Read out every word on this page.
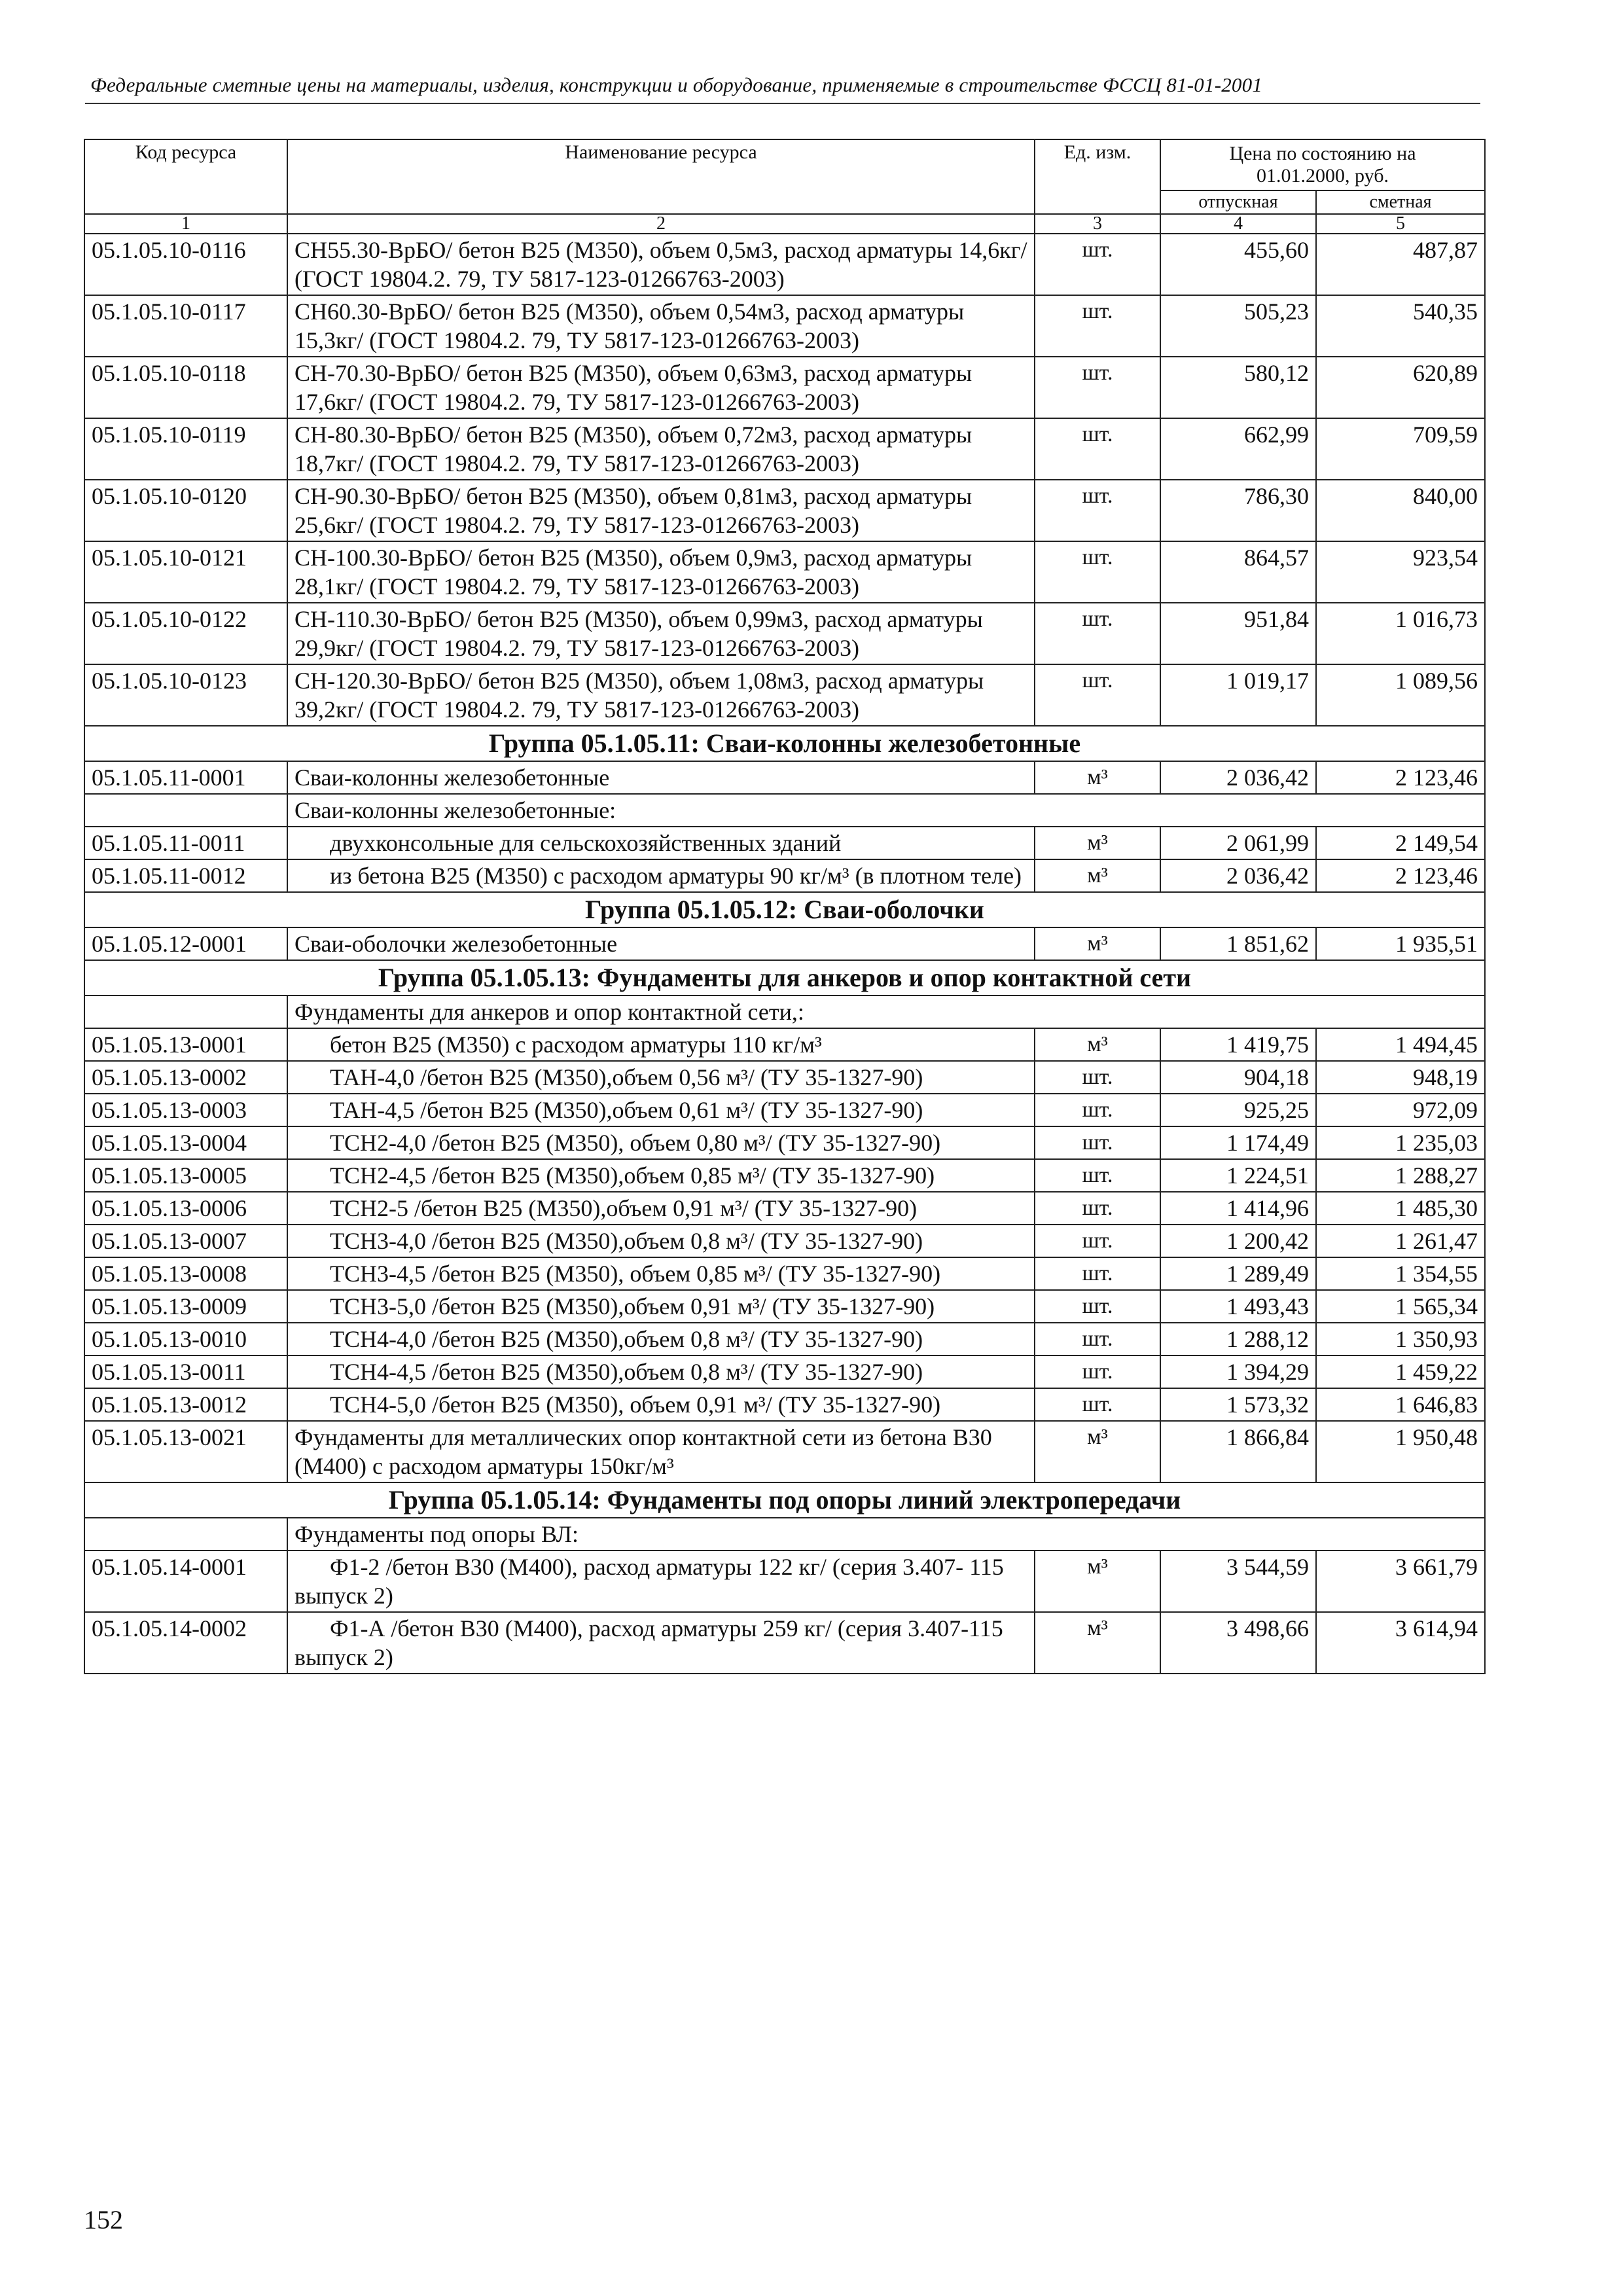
Федеральные сметные цены на материалы, изделия, конструкции и оборудование, применяемые в строительстве ФССЦ 81-01-2001
Код ресурса	Наименование ресурса	Ед. изм.	Цена по состоянию на 01.01.2000, руб.	
			отпускная	сметная
1	2	3	4	5
05.1.05.10-0116	СН55.30-ВрБО/ бетон В25 (М350), объем 0,5м3, расход арматуры 14,6кг/ (ГОСТ 19804.2. 79, ТУ 5817-123-01266763-2003)	шт.	455,60	487,87
05.1.05.10-0117	СН60.30-ВрБО/ бетон В25 (М350), объем 0,54м3, расход арматуры 15,3кг/ (ГОСТ 19804.2. 79, ТУ 5817-123-01266763-2003)	шт.	505,23	540,35
05.1.05.10-0118	СН-70.30-ВрБО/ бетон В25 (М350), объем 0,63м3, расход арматуры 17,6кг/ (ГОСТ 19804.2. 79, ТУ 5817-123-01266763-2003)	шт.	580,12	620,89
05.1.05.10-0119	СН-80.30-ВрБО/ бетон В25 (М350), объем 0,72м3, расход арматуры 18,7кг/ (ГОСТ 19804.2. 79, ТУ 5817-123-01266763-2003)	шт.	662,99	709,59
05.1.05.10-0120	СН-90.30-ВрБО/ бетон В25 (М350), объем 0,81м3, расход арматуры 25,6кг/ (ГОСТ 19804.2. 79, ТУ 5817-123-01266763-2003)	шт.	786,30	840,00
05.1.05.10-0121	СН-100.30-ВрБО/ бетон В25 (М350), объем 0,9м3, расход арматуры 28,1кг/ (ГОСТ 19804.2. 79, ТУ 5817-123-01266763-2003)	шт.	864,57	923,54
05.1.05.10-0122	СН-110.30-ВрБО/ бетон В25 (М350), объем 0,99м3, расход арматуры 29,9кг/ (ГОСТ 19804.2. 79, ТУ 5817-123-01266763-2003)	шт.	951,84	1 016,73
05.1.05.10-0123	СН-120.30-ВрБО/ бетон В25 (М350), объем 1,08м3, расход арматуры 39,2кг/ (ГОСТ 19804.2. 79, ТУ 5817-123-01266763-2003)	шт.	1 019,17	1 089,56
Группа 05.1.05.11: Сваи-колонны железобетонные				
05.1.05.11-0001	Сваи-колонны железобетонные	м³	2 036,42	2 123,46
	Сваи-колонны железобетонные:			
05.1.05.11-0011	двухконсольные для сельскохозяйственных зданий	м³	2 061,99	2 149,54
05.1.05.11-0012	из бетона В25 (М350) с расходом арматуры 90 кг/м³ (в плотном теле)	м³	2 036,42	2 123,46
Группа 05.1.05.12: Сваи-оболочки				
05.1.05.12-0001	Сваи-оболочки железобетонные	м³	1 851,62	1 935,51
Группа 05.1.05.13: Фундаменты для анкеров и опор контактной сети				
	Фундаменты для анкеров и опор контактной сети,:			
05.1.05.13-0001	бетон В25 (М350) с расходом арматуры 110 кг/м³	м³	1 419,75	1 494,45
05.1.05.13-0002	ТАН-4,0 /бетон В25 (М350),объем 0,56 м³/ (ТУ 35-1327-90)	шт.	904,18	948,19
05.1.05.13-0003	ТАН-4,5 /бетон В25 (М350),объем 0,61 м³/ (ТУ 35-1327-90)	шт.	925,25	972,09
05.1.05.13-0004	ТСН2-4,0 /бетон В25 (М350), объем 0,80 м³/ (ТУ 35-1327-90)	шт.	1 174,49	1 235,03
05.1.05.13-0005	ТСН2-4,5 /бетон В25 (М350),объем 0,85 м³/ (ТУ 35-1327-90)	шт.	1 224,51	1 288,27
05.1.05.13-0006	ТСН2-5 /бетон В25 (М350),объем 0,91 м³/ (ТУ 35-1327-90)	шт.	1 414,96	1 485,30
05.1.05.13-0007	ТСН3-4,0 /бетон В25 (М350),объем 0,8 м³/ (ТУ 35-1327-90)	шт.	1 200,42	1 261,47
05.1.05.13-0008	ТСН3-4,5 /бетон В25 (М350), объем 0,85 м³/ (ТУ 35-1327-90)	шт.	1 289,49	1 354,55
05.1.05.13-0009	ТСН3-5,0 /бетон В25 (М350),объем 0,91 м³/ (ТУ 35-1327-90)	шт.	1 493,43	1 565,34
05.1.05.13-0010	ТСН4-4,0 /бетон В25 (М350),объем 0,8 м³/ (ТУ 35-1327-90)	шт.	1 288,12	1 350,93
05.1.05.13-0011	ТСН4-4,5 /бетон В25 (М350),объем 0,8 м³/ (ТУ 35-1327-90)	шт.	1 394,29	1 459,22
05.1.05.13-0012	ТСН4-5,0 /бетон В25 (М350), объем 0,91 м³/ (ТУ 35-1327-90)	шт.	1 573,32	1 646,83
05.1.05.13-0021	Фундаменты для металлических опор контактной сети из бетона В30 (М400) с расходом арматуры 150кг/м³	м³	1 866,84	1 950,48
Группа 05.1.05.14: Фундаменты под опоры линий электропередачи				
	Фундаменты под опоры ВЛ:			
05.1.05.14-0001	Ф1-2 /бетон В30 (М400), расход арматуры 122 кг/ (серия 3.407- 115 выпуск 2)	м³	3 544,59	3 661,79
05.1.05.14-0002	Ф1-А /бетон В30 (М400), расход арматуры 259 кг/ (серия 3.407-115 выпуск 2)	м³	3 498,66	3 614,94
152
